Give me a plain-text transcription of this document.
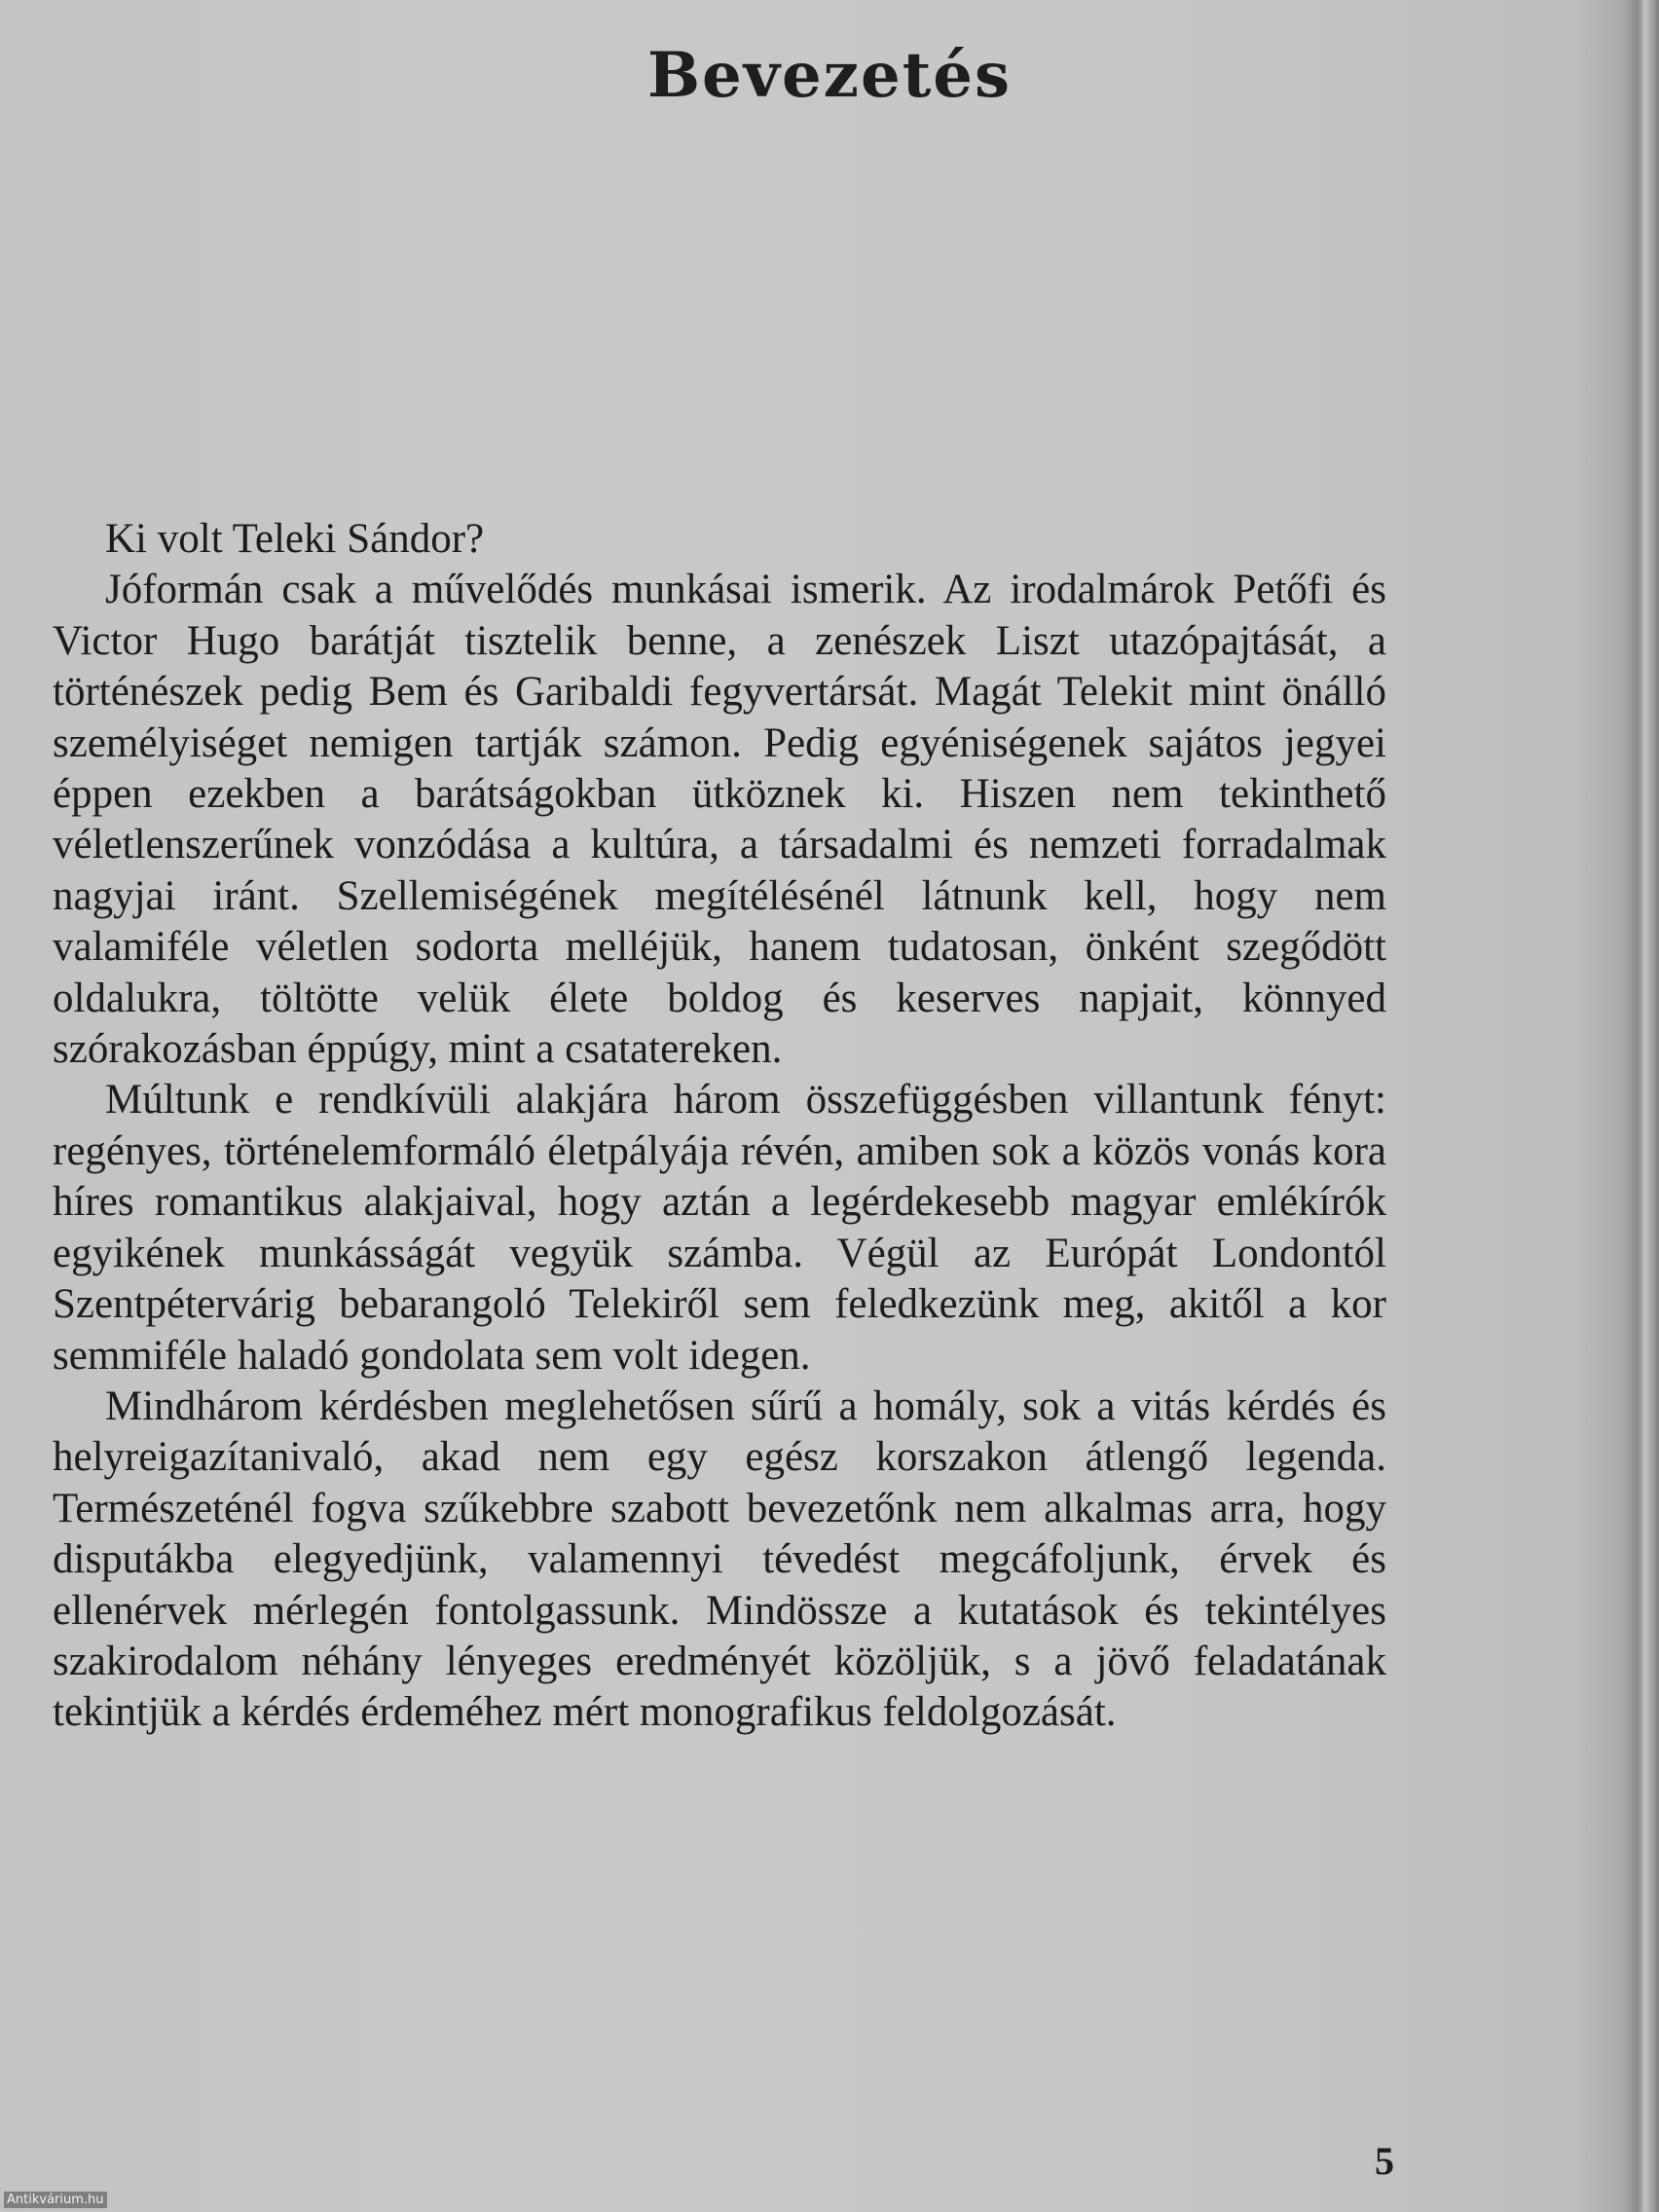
Bevezetés

Ki volt Teleki Sándor?

Jóformán csak a művelődés munkásai ismerik. Az irodalmárok Petőfi és Victor Hugo barátját tisztelik benne, a zenészek Liszt utazópajtását, a történészek pedig Bem és Garibaldi fegyvertársát. Magát Telekit mint önálló személyiséget nemigen tartják számon. Pedig egyéniségenek sajátos jegyei éppen ezekben a barátságokban ütköznek ki. Hiszen nem tekinthető véletlenszerűnek vonzódása a kultúra, a társadalmi és nemzeti forradalmak nagyjai iránt. Szellemiségének megítélésénél látnunk kell, hogy nem valamiféle véletlen sodorta melléjük, hanem tudatosan, önként szegődött oldalukra, töltötte velük élete boldog és keserves napjait, könnyed szórakozásban éppúgy, mint a csatatereken.

Múltunk e rendkívüli alakjára három összefüggésben villantunk fényt: regényes, történelemformáló életpályája révén, amiben sok a közös vonás kora híres romantikus alakjaival, hogy aztán a legérdekesebb magyar emlékírók egyikének munkásságát vegyük számba. Végül az Európát Londontól Szentpétervárig bebarangoló Telekiről sem feledkezünk meg, akitől a kor semmiféle haladó gondolata sem volt idegen.

Mindhárom kérdésben meglehetősen sűrű a homály, sok a vitás kérdés és helyreigazítanivaló, akad nem egy egész korszakon átlengő legenda. Természeténél fogva szűkebbre szabott bevezetőnk nem alkalmas arra, hogy disputákba elegyedjünk, valamennyi tévedést megcáfoljunk, érvek és ellenérvek mérlegén fontolgassunk. Mindössze a kutatások és tekintélyes szakirodalom néhány lényeges eredményét közöljük, s a jövő feladatának tekintjük a kérdés érdeméhez mért monografikus feldolgozását.

5
Antikvárium.hu
